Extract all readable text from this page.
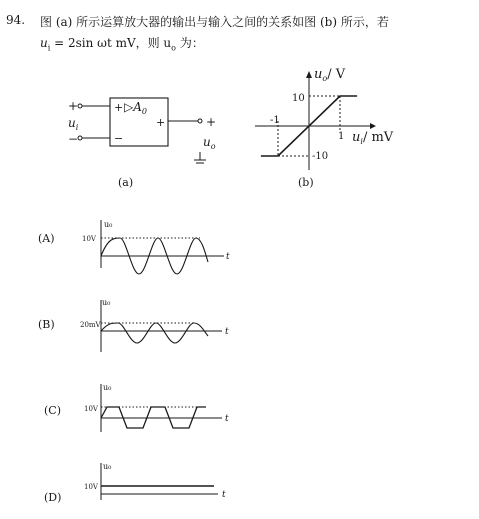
94. 图 (a) 所示运算放大器的输出与输入之间的关系如图 (b) 所示，若
$u_i = 2\sin$ ωt mV，则 $u_o$ 为：
+
−
$u_i$
+
−
$▷A_0$
+	+
$u_o$
(a)
$u_o/$ V
$u_i/$ mV
10
-10
1
-1
(b)
(A)
u₀
10V
t
(B)
u₀
20mV
t
(C)
u₀
10V
t
(D)
u₀
10V
t
